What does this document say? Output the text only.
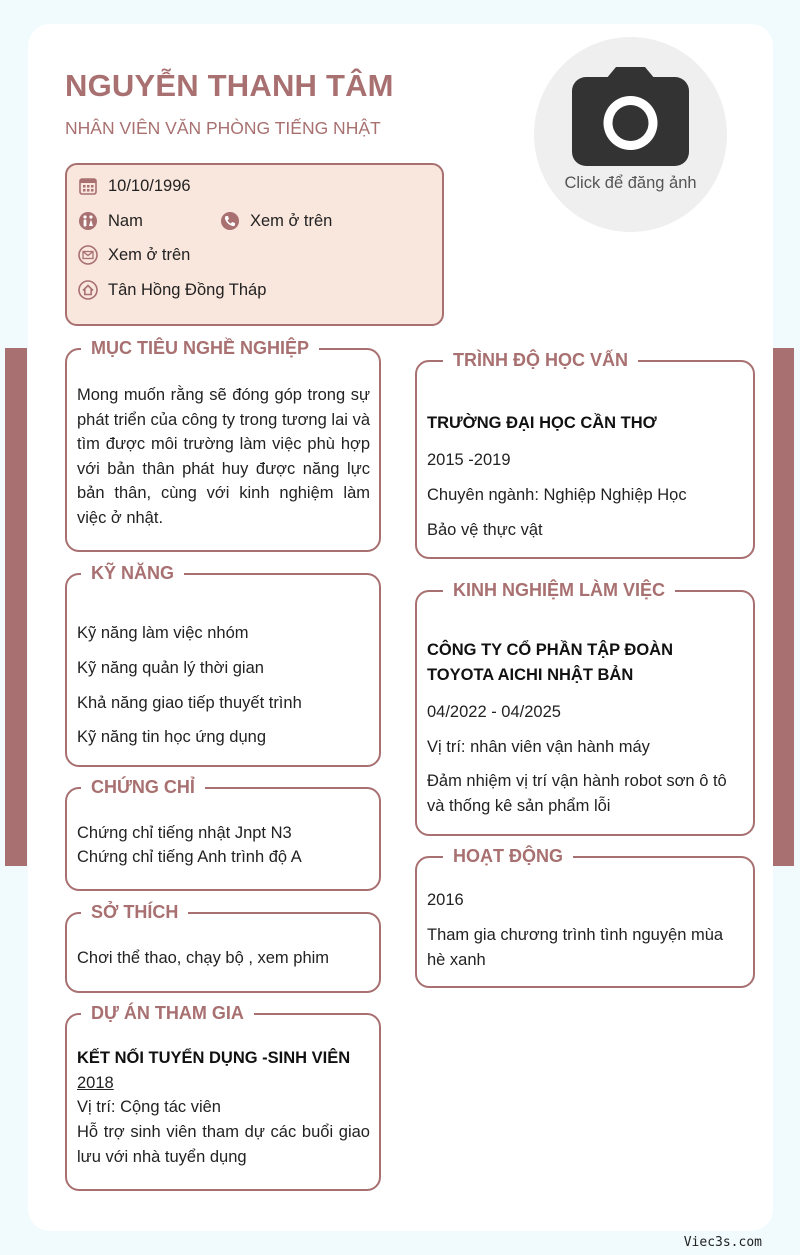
NGUYỄN THANH TÂM
NHÂN VIÊN VĂN PHÒNG TIẾNG NHẬT
Click để đăng ảnh
10/10/1996
Nam	Xem ở trên
Xem ở trên
Tân Hồng Đồng Tháp
MỤC TIÊU NGHỀ NGHIỆP
Mong muốn rằng sẽ đóng góp trong sự phát triển của công ty trong tương lai và tìm được môi trường làm việc phù hợp với bản thân phát huy được năng lực bản thân, cùng với kinh nghiệm làm việc ở nhật.
KỸ NĂNG
Kỹ năng làm việc nhóm
Kỹ năng quản lý thời gian
Khả năng giao tiếp thuyết trình
Kỹ năng tin học ứng dụng
CHỨNG CHỈ
Chứng chỉ tiếng nhật Jnpt N3
Chứng chỉ tiếng Anh trình độ A
SỞ THÍCH
Chơi thể thao, chạy bộ , xem phim
DỰ ÁN THAM GIA
KẾT NỐI TUYỂN DỤNG -SINH VIÊN
2018
Vị trí: Cộng tác viên
Hỗ trợ sinh viên tham dự các buổi giao lưu với nhà tuyển dụng
TRÌNH ĐỘ HỌC VẤN
TRƯỜNG ĐẠI HỌC CẦN THƠ
2015 -2019
Chuyên ngành: Nghiệp Nghiệp Học
Bảo vệ thực vật
KINH NGHIỆM LÀM VIỆC
CÔNG TY CỔ PHẦN TẬP ĐOÀN
TOYOTA AICHI NHẬT BẢN
04/2022 - 04/2025
Vị trí: nhân viên vận hành máy
Đảm nhiệm vị trí vận hành robot sơn ô tô và thống kê sản phẩm lỗi
HOẠT ĐỘNG
2016
Tham gia chương trình tình nguyện mùa hè xanh
Viec3s.com
